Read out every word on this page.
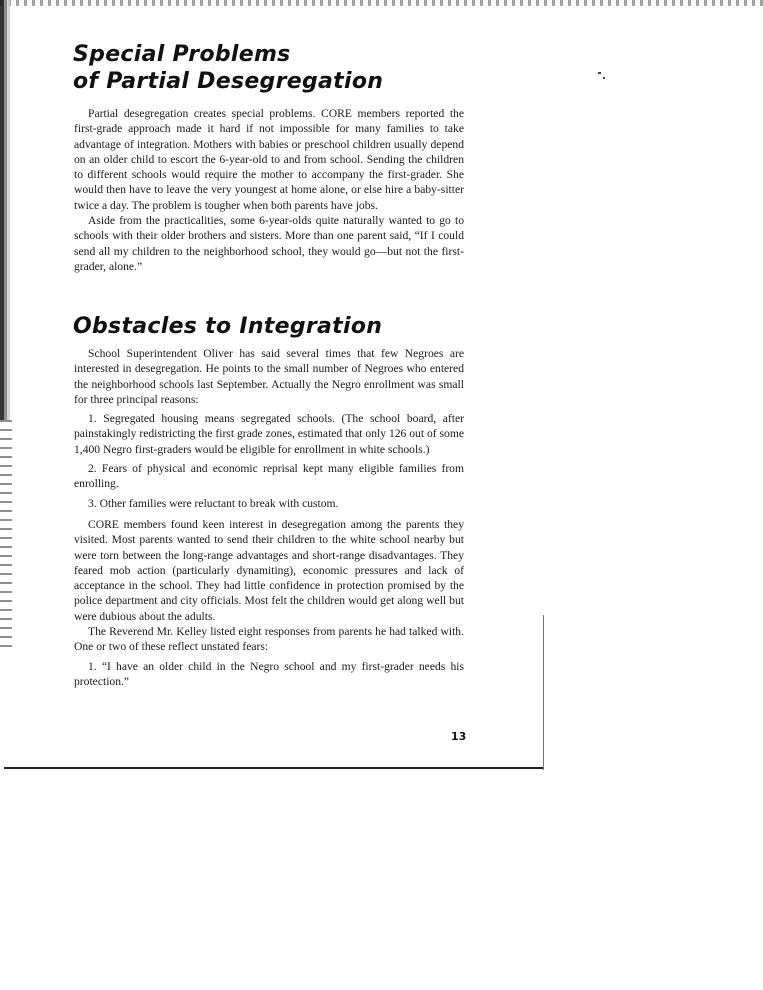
Special Problems
of Partial Desegregation

Partial desegregation creates special problems. CORE members reported the first-grade approach made it hard if not impossible for many families to take advantage of integration. Mothers with babies or preschool children usually depend on an older child to escort the 6-year-old to and from school. Sending the children to different schools would require the mother to accompany the first-grader. She would then have to leave the very youngest at home alone, or else hire a baby-sitter twice a day. The problem is tougher when both parents have jobs.

Aside from the practicalities, some 6-year-olds quite naturally wanted to go to schools with their older brothers and sisters. More than one parent said, “If I could send all my children to the neighborhood school, they would go—but not the first-grader, alone.”

Obstacles to Integration

School Superintendent Oliver has said several times that few Negroes are interested in desegregation. He points to the small number of Negroes who entered the neighborhood schools last September. Actually the Negro enrollment was small for three principal reasons:

1. Segregated housing means segregated schools. (The school board, after painstakingly redistricting the first grade zones, estimated that only 126 out of some 1,400 Negro first-graders would be eligible for enrollment in white schools.)

2. Fears of physical and economic reprisal kept many eligible families from enrolling.

3. Other families were reluctant to break with custom.

CORE members found keen interest in desegregation among the parents they visited. Most parents wanted to send their children to the white school nearby but were torn between the long-range advantages and short-range disadvantages. They feared mob action (particularly dynamiting), economic pressures and lack of acceptance in the school. They had little confidence in protection promised by the police department and city officials. Most felt the children would get along well but were dubious about the adults.

The Reverend Mr. Kelley listed eight responses from parents he had talked with. One or two of these reflect unstated fears:

1. “I have an older child in the Negro school and my first-grader needs his protection.”

13
